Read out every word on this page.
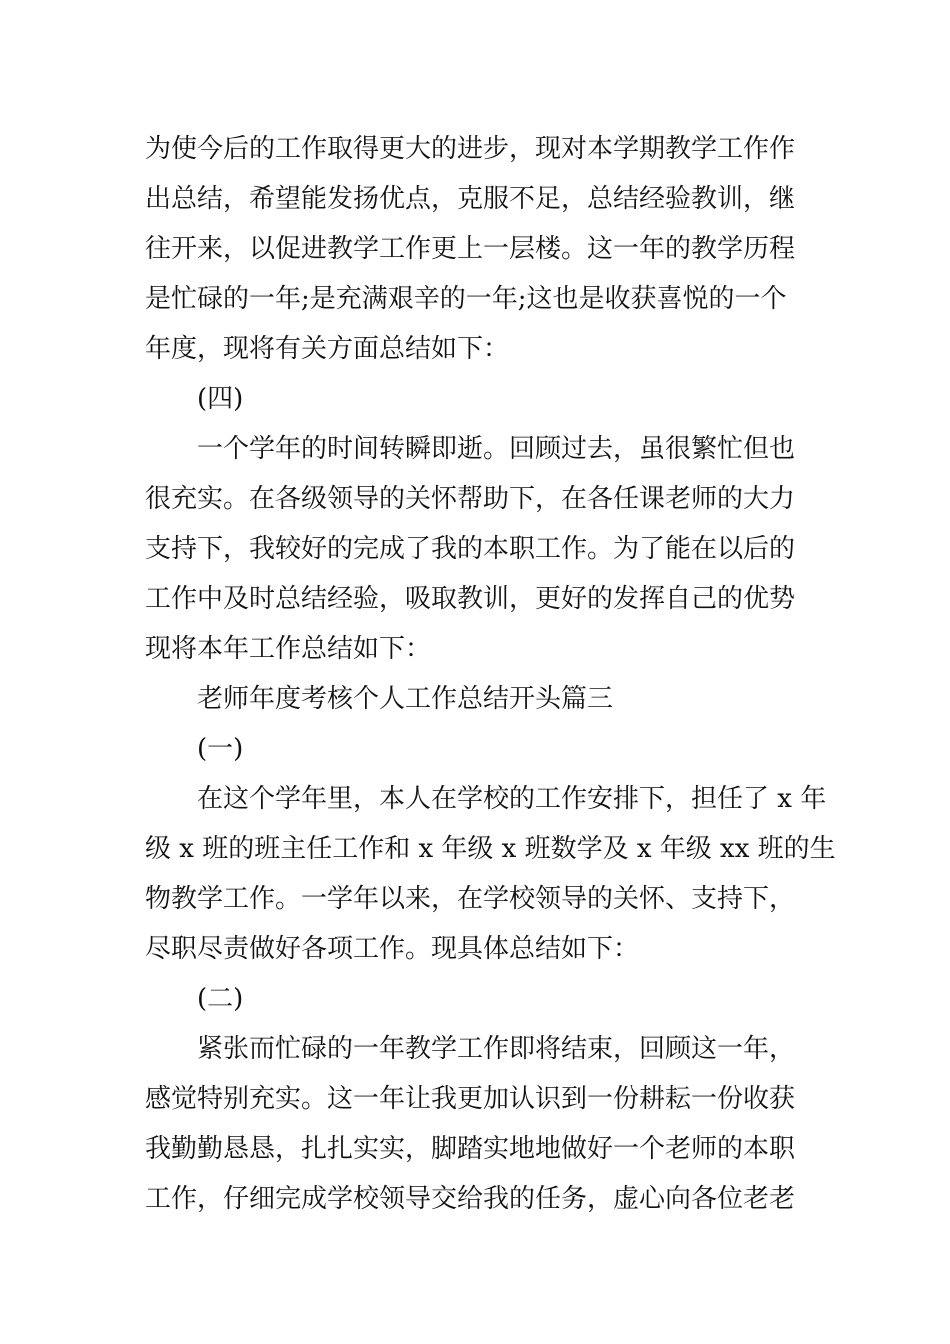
为使今后的工作取得更大的进步，现对本学期教学工作作
出总结，希望能发扬优点，克服不足，总结经验教训，继
往开来，以促进教学工作更上一层楼。这一年的教学历程
是忙碌的一年;是充满艰辛的一年;这也是收获喜悦的一个
年度，现将有关方面总结如下：
(四)
一个学年的时间转瞬即逝。回顾过去，虽很繁忙但也
很充实。在各级领导的关怀帮助下，在各任课老师的大力
支持下，我较好的完成了我的本职工作。为了能在以后的
工作中及时总结经验，吸取教训，更好的发挥自己的优势
现将本年工作总结如下：
老师年度考核个人工作总结开头篇三
(一)
在这个学年里，本人在学校的工作安排下，担任了 x 年
级 x 班的班主任工作和 x 年级 x 班数学及 x 年级 xx 班的生
物教学工作。一学年以来，在学校领导的关怀、支持下，
尽职尽责做好各项工作。现具体总结如下：
(二)
紧张而忙碌的一年教学工作即将结束，回顾这一年，
感觉特别充实。这一年让我更加认识到一份耕耘一份收获
我勤勤恳恳，扎扎实实，脚踏实地地做好一个老师的本职
工作，仔细完成学校领导交给我的任务，虚心向各位老老
